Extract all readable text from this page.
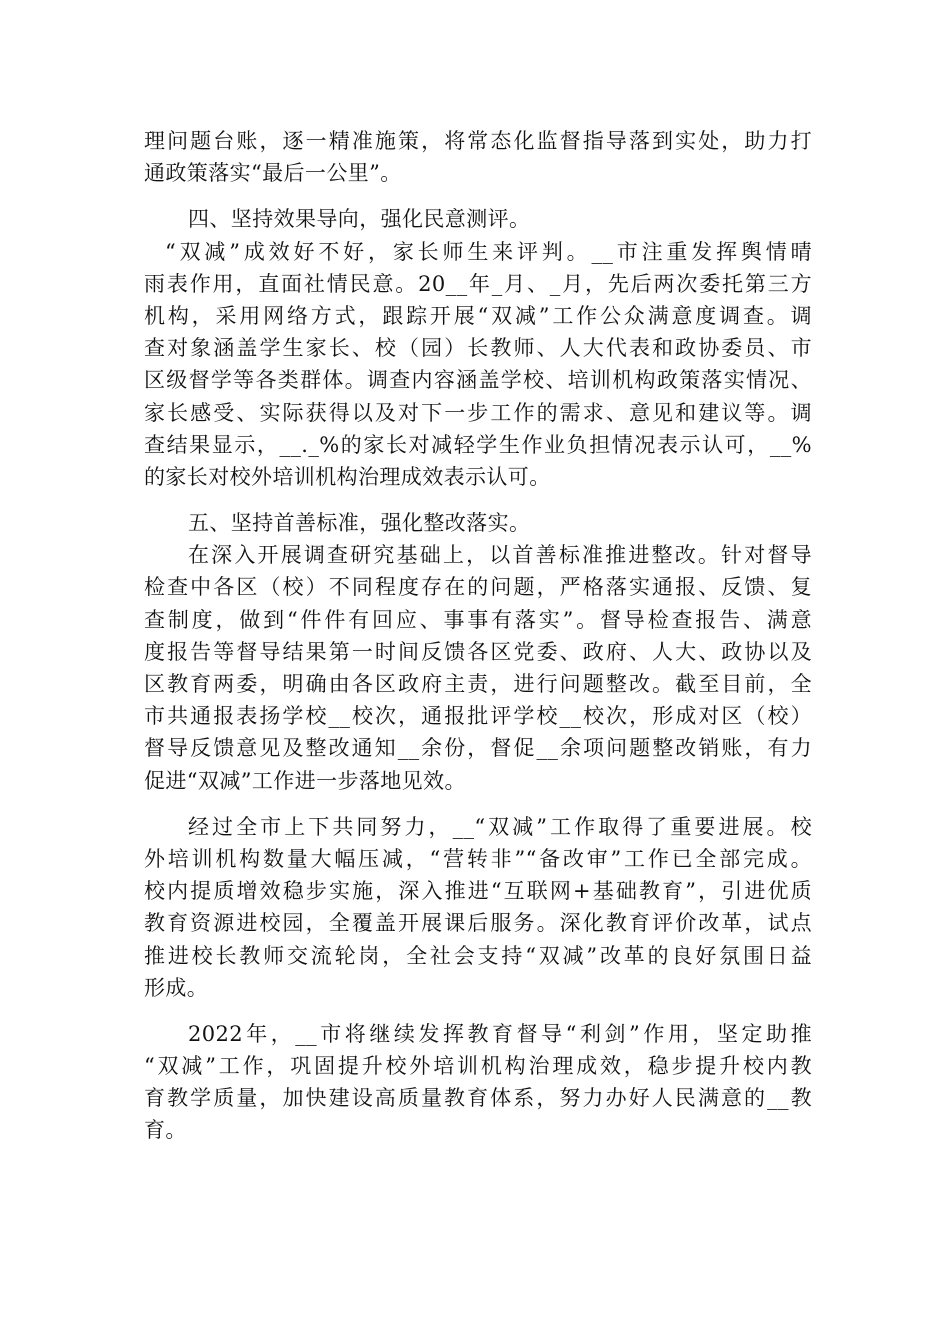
理问题台账，逐一精准施策，将常态化监督指导落到实处，助力打
通政策落实“最后一公里”。
四、坚持效果导向，强化民意测评。
“双减”成效好不好，家长师生来评判。__市注重发挥舆情晴
雨表作用，直面社情民意。20__年_月、_月，先后两次委托第三方
机构，采用网络方式，跟踪开展“双减”工作公众满意度调查。调
查对象涵盖学生家长、校（园）长教师、人大代表和政协委员、市
区级督学等各类群体。调查内容涵盖学校、培训机构政策落实情况、
家长感受、实际获得以及对下一步工作的需求、意见和建议等。调
查结果显示，__._%的家长对减轻学生作业负担情况表示认可，__%
的家长对校外培训机构治理成效表示认可。
五、坚持首善标准，强化整改落实。
在深入开展调查研究基础上，以首善标准推进整改。针对督导
检查中各区（校）不同程度存在的问题，严格落实通报、反馈、复
查制度，做到“件件有回应、事事有落实”。督导检查报告、满意
度报告等督导结果第一时间反馈各区党委、政府、人大、政协以及
区教育两委，明确由各区政府主责，进行问题整改。截至目前，全
市共通报表扬学校__校次，通报批评学校__校次，形成对区（校）
督导反馈意见及整改通知__余份，督促__余项问题整改销账，有力
促进“双减”工作进一步落地见效。
经过全市上下共同努力，__“双减”工作取得了重要进展。校
外培训机构数量大幅压减，“营转非”“备改审”工作已全部完成。
校内提质增效稳步实施，深入推进“互联网+基础教育”，引进优质
教育资源进校园，全覆盖开展课后服务。深化教育评价改革，试点
推进校长教师交流轮岗，全社会支持“双减”改革的良好氛围日益
形成。
2022年，__市将继续发挥教育督导“利剑”作用，坚定助推
“双减”工作，巩固提升校外培训机构治理成效，稳步提升校内教
育教学质量，加快建设高质量教育体系，努力办好人民满意的__教
育。
